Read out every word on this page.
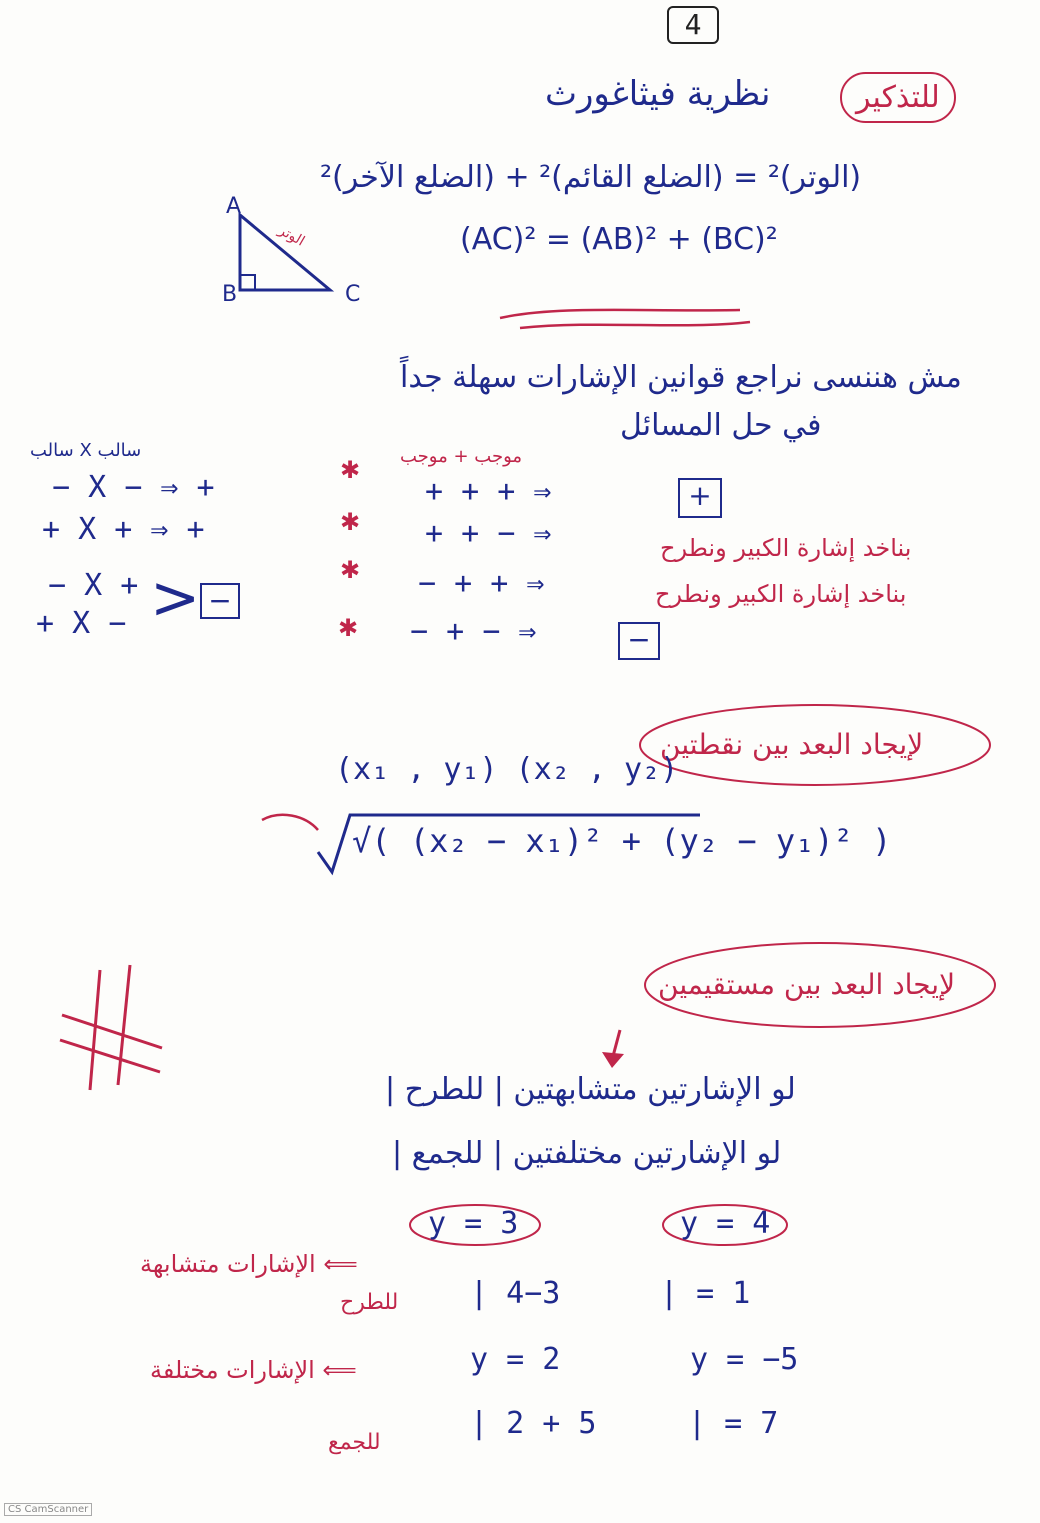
4
للتذكير
نظرية فيثاغورث
(الوتر)² = (الضلع القائم)² + (الضلع الآخر)²
(AC)² = (AB)² + (BC)²
A
B	C
الوتر
مش هننسى نراجع قوانين الإشارات سهلة جداً
في حل المسائل
سالب X سالب
− X − ⇒ +
+ X + ⇒ +
− X +
+ X − > −
موجب + موجب
✱
+ + + ⇒	+
✱ + + − ⇒	بناخد إشارة الكبير ونطرح
✱ − + + ⇒	بناخد إشارة الكبير ونطرح
✱ − + − ⇒	−
لإيجاد البعد بين نقطتين
(x₁ , y₁) (x₂ , y₂)
√( (x₂ − x₁)² + (y₂ − y₁)² )
لإيجاد البعد بين مستقيمين
لو الإشارتين متشابهتين | للطرح |
لو الإشارتين مختلفتين | للجمع |
y = 3	y = 4
⟸ الإشارات متشابهة
| 4−3	| = 1
للطرح
y = 2	y = −5
⟸ الإشارات مختلفة
| 2 + 5	| = 7
للجمع
CS CamScanner
